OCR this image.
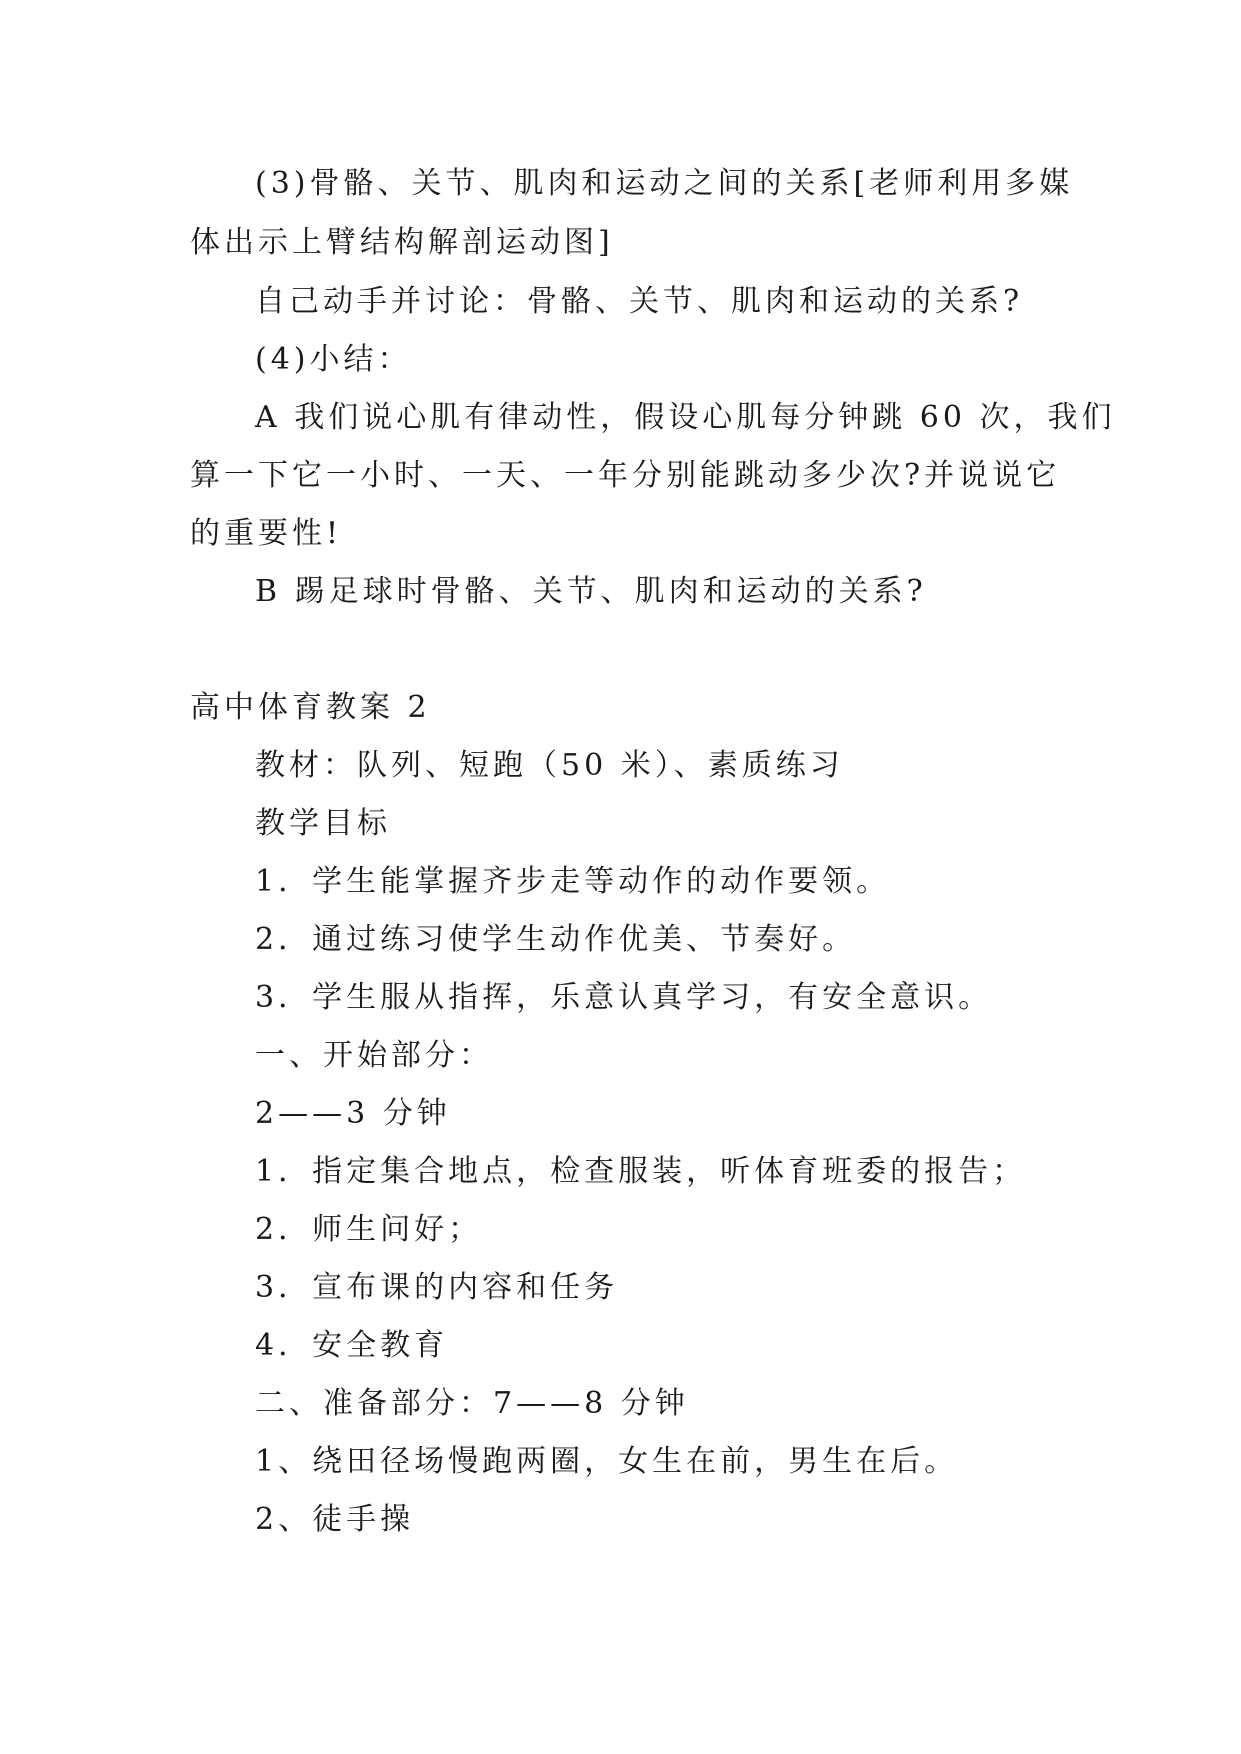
(3)骨骼、关节、肌肉和运动之间的关系[老师利用多媒
体出示上臂结构解剖运动图]
自己动手并讨论：骨骼、关节、肌肉和运动的关系?
(4)小结：
A 我们说心肌有律动性，假设心肌每分钟跳 60 次，我们
算一下它一小时、一天、一年分别能跳动多少次?并说说它
的重要性!
B 踢足球时骨骼、关节、肌肉和运动的关系?
高中体育教案 2
教材：队列、短跑（50 米）、素质练习
教学目标
1．学生能掌握齐步走等动作的动作要领。
2．通过练习使学生动作优美、节奏好。
3．学生服从指挥，乐意认真学习，有安全意识。
一、开始部分：
2——3 分钟
1．指定集合地点，检查服装，听体育班委的报告；
2．师生问好；
3．宣布课的内容和任务
4．安全教育
二、准备部分：7——8 分钟
1、绕田径场慢跑两圈，女生在前，男生在后。
2、徒手操
